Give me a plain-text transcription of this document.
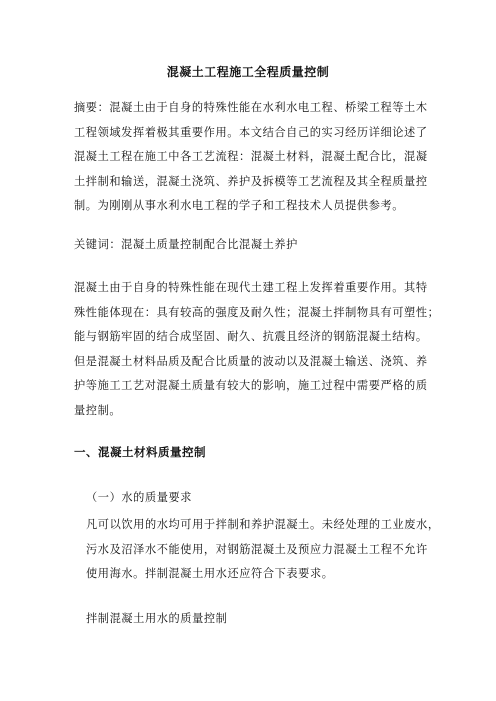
混凝土工程施工全程质量控制
摘要：混凝土由于自身的特殊性能在水利水电工程、桥梁工程等土木
工程领域发挥着极其重要作用。本文结合自己的实习经历详细论述了
混凝土工程在施工中各工艺流程：混凝土材料，混凝土配合比，混凝
土拌制和输送，混凝土浇筑、养护及拆模等工艺流程及其全程质量控
制。为刚刚从事水利水电工程的学子和工程技术人员提供参考。
关键词：混凝土质量控制配合比混凝土养护
混凝土由于自身的特殊性能在现代土建工程上发挥着重要作用。其特
殊性能体现在：具有较高的强度及耐久性；混凝土拌制物具有可塑性；
能与钢筋牢固的结合成坚固、耐久、抗震且经济的钢筋混凝土结构。
但是混凝土材料品质及配合比质量的波动以及混凝土输送、浇筑、养
护等施工工艺对混凝土质量有较大的影响，施工过程中需要严格的质
量控制。
一、混凝土材料质量控制
（一）水的质量要求
凡可以饮用的水均可用于拌制和养护混凝土。未经处理的工业废水，
污水及沼泽水不能使用，对钢筋混凝土及预应力混凝土工程不允许
使用海水。拌制混凝土用水还应符合下表要求。
拌制混凝土用水的质量控制
